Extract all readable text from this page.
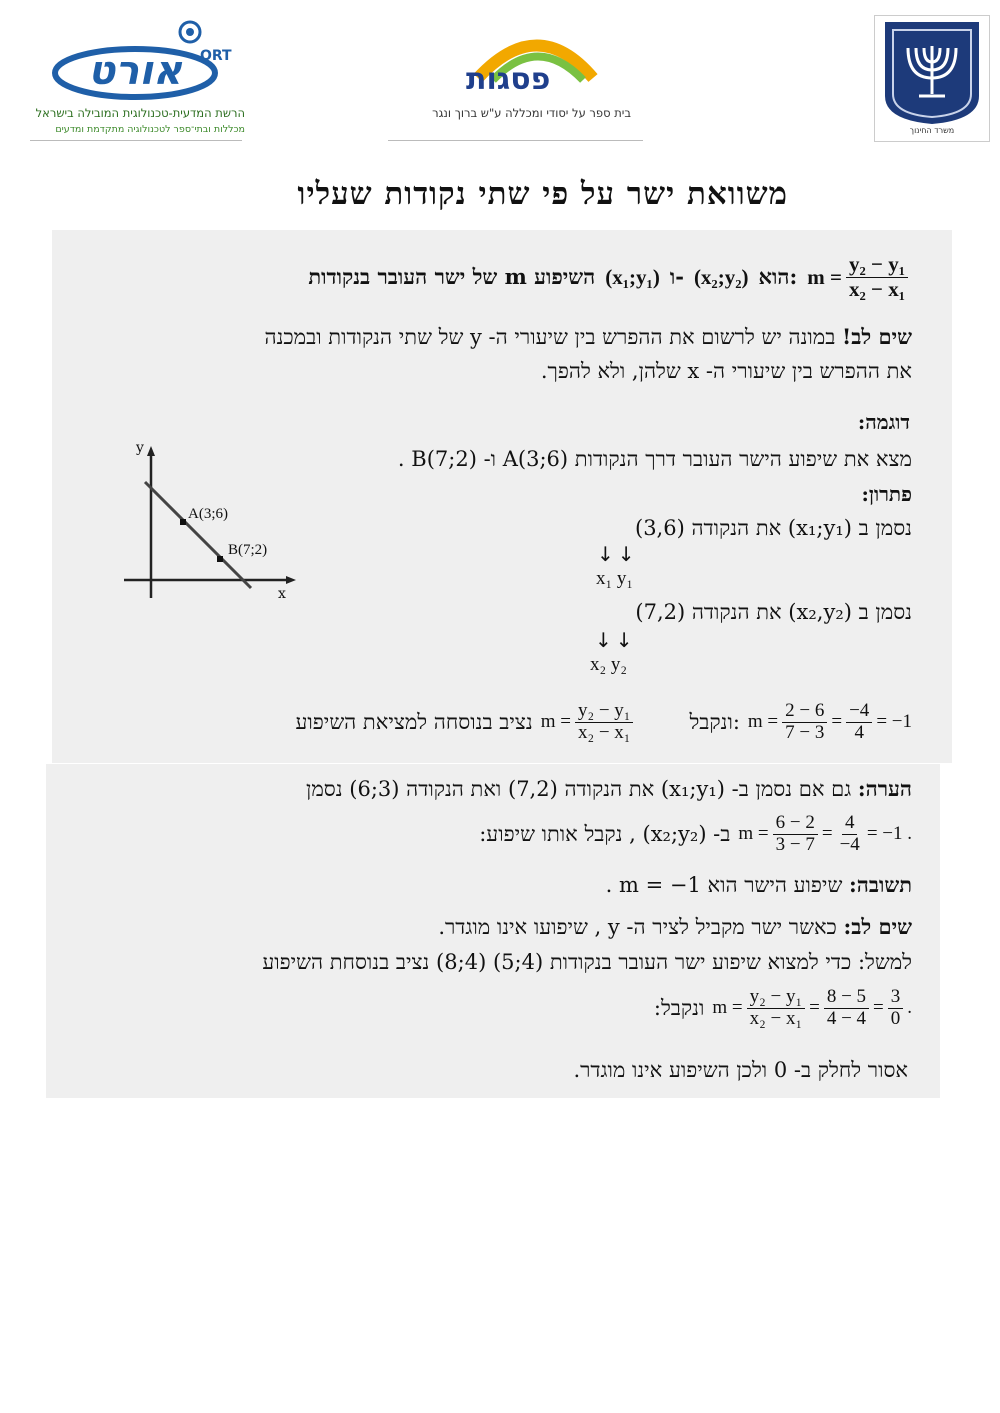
אורט ORT
הרשת המדעית-טכנולוגית המובילה בישראל
מכללות ובתי־ספר לטכנולוגיה מתקדמת ומדעים
פסגות
בית ספר על יסודי ומכללה ע"ש ברוך ונגר
משרד החינוך
משוואת ישר על פי שתי נקודות שעליו
השיפוע m של ישר העובר בנקודות (x₁;y₁) ו- (x₂;y₂) הוא: $m = \frac{\text{y₂ − y₁}}{\text{x₂ − x₁}}$
שים לב! במונה יש לרשום את ההפרש בין שיעורי ה- y של שתי הנקודות ובמכנה
את ההפרש בין שיעורי ה- x שלהן, ולא להפך.
דוגמה:
מצא את שיפוע הישר העובר דרך הנקודות A(3;6) ו- B(7;2) .
y
x
A(3;6)
B(7;2)
פתרון:
נסמן ב (x₁;y₁) את הנקודה (3,6)
↓↓
x₁ y₁
נסמן ב (x₂,y₂) את הנקודה (7,2)
↓↓
x₂ y₂
נציב בנוסחה למציאת השיפוע $m = \frac{\text{y₂ − y₁}}{\text{x₂ − x₁}}$	ונקבל: $m = \frac{2 - 6}{7 - 3} = \frac{-4}{4} = -1$
הערה: גם אם נסמן ב- (x₁;y₁) את הנקודה (7,2) ואת הנקודה (3;6) נסמן
ב- (x₂;y₂) , נקבל אותו שיפוע: $m = \frac{6 - 2}{3 - 7} = \frac{4}{-4} = -1$ .
תשובה: שיפוע הישר הוא m = −1 .
שים לב: כאשר ישר מקביל לציר ה- y , שיפועו אינו מוגדר.
למשל: כדי למצוא שיפוע ישר העובר בנקודות (4;5) (4;8) נציב בנוסחת השיפוע
ונקבל: $m = \frac{\text{y₂ − y₁}}{\text{x₂ − x₁}} = \frac{8 - 5}{4 - 4} = \frac{3}{0}$ .
אסור לחלק ב- 0 ולכן השיפוע אינו מוגדר.
